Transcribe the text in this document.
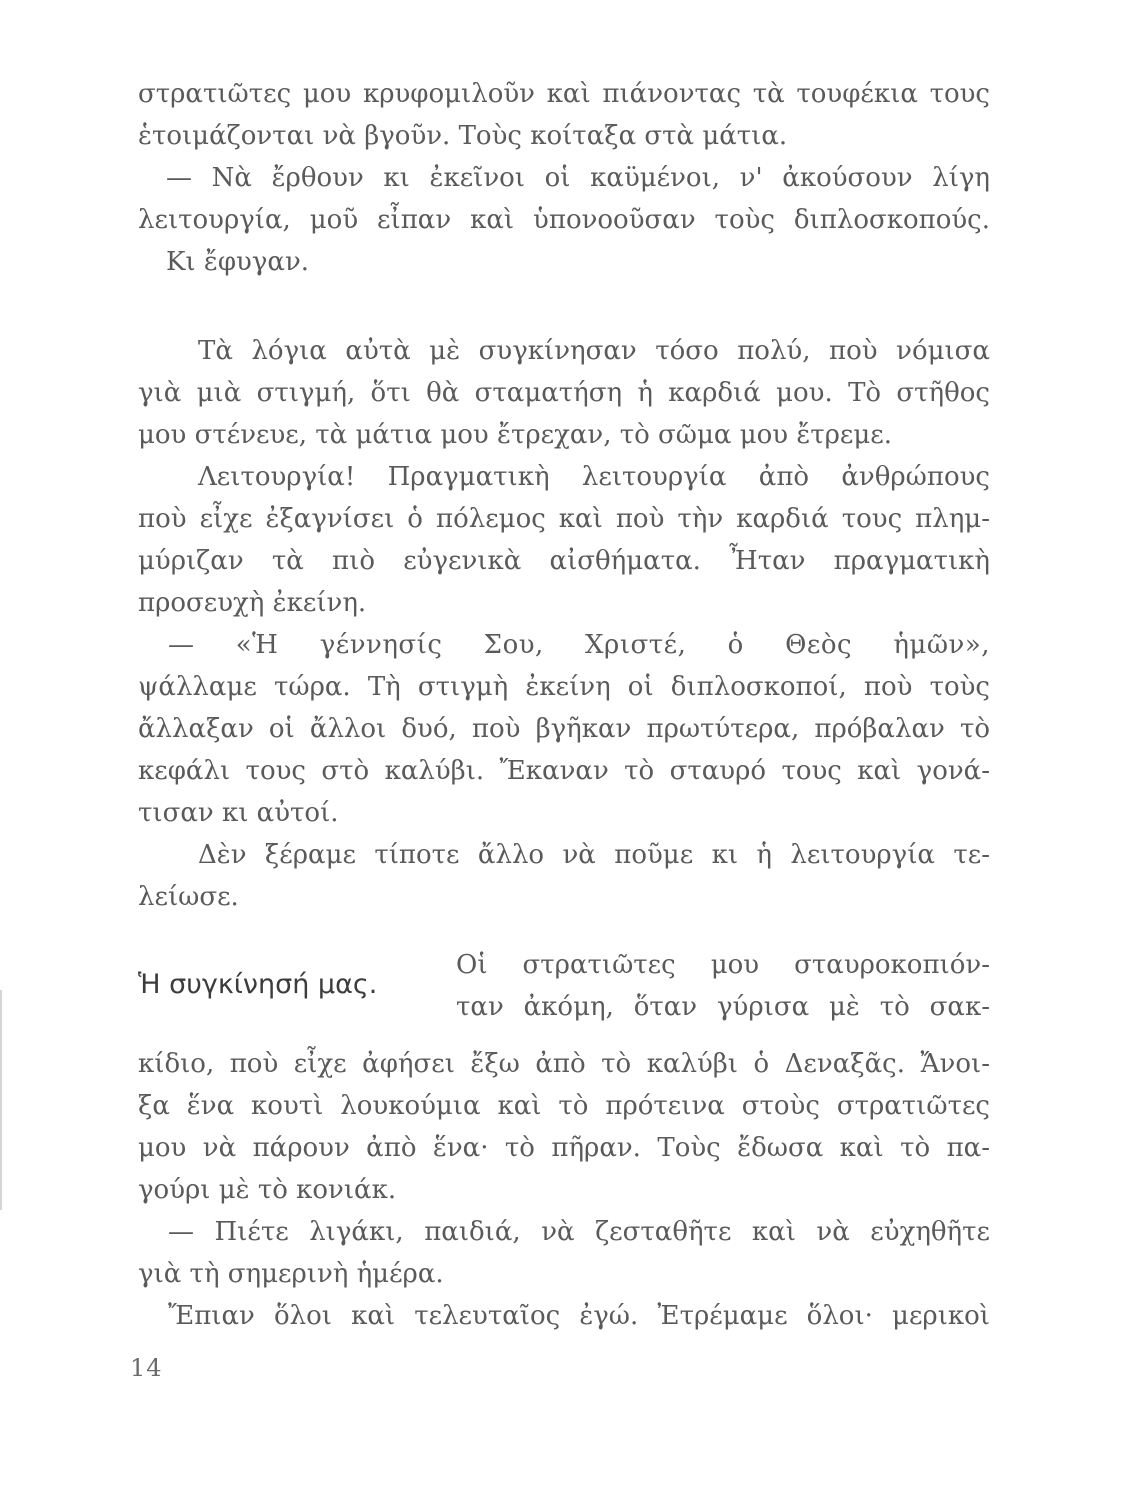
στρατιῶτες μου κρυφομιλοῦν καὶ πιάνοντας τὰ τουφέκια τους
ἑτοιμάζονται νὰ βγοῦν. Τοὺς κοίταξα στὰ μάτια.
— Νὰ ἔρθουν κι ἐκεῖνοι οἱ καϋμένοι, ν' ἀκούσουν λίγη
λειτουργία, μοῦ εἶπαν καὶ ὑπονοοῦσαν τοὺς διπλοσκοπούς.
Κι ἔφυγαν.
Τὰ λόγια αὐτὰ μὲ συγκίνησαν τόσο πολύ, ποὺ νόμισα
γιὰ μιὰ στιγμή, ὅτι θὰ σταματήση ἡ καρδιά μου. Τὸ στῆθος
μου στένευε, τὰ μάτια μου ἔτρεχαν, τὸ σῶμα μου ἔτρεμε.
Λειτουργία! Πραγματικὴ λειτουργία ἀπὸ ἀνθρώπους
ποὺ εἶχε ἐξαγνίσει ὁ πόλεμος καὶ ποὺ τὴν καρδιά τους πλημ-
μύριζαν τὰ πιὸ εὐγενικὰ αἰσθήματα. Ἦταν πραγματικὴ
προσευχὴ ἐκείνη.
— «Ἡ γέννησίς Σου, Χριστέ, ὁ Θεὸς ἡμῶν»,
ψάλλαμε τώρα. Τὴ στιγμὴ ἐκείνη οἱ διπλοσκοποί, ποὺ τοὺς
ἄλλαξαν οἱ ἄλλοι δυό, ποὺ βγῆκαν πρωτύτερα, πρόβαλαν τὸ
κεφάλι τους στὸ καλύβι. Ἔκαναν τὸ σταυρό τους καὶ γονά-
τισαν κι αὐτοί.
Δὲν ξέραμε τίποτε ἄλλο νὰ ποῦμε κι ἡ λειτουργία τε-
λείωσε.
Ἡ συγκίνησή μας.
Οἱ στρατιῶτες μου σταυροκοπιόν-
ταν ἀκόμη, ὅταν γύρισα μὲ τὸ σακ-
κίδιο, ποὺ εἶχε ἀφήσει ἔξω ἀπὸ τὸ καλύβι ὁ Δεναξᾶς. Ἄνοι-
ξα ἕνα κουτὶ λουκούμια καὶ τὸ πρότεινα στοὺς στρατιῶτες
μου νὰ πάρουν ἀπὸ ἕνα· τὸ πῆραν. Τοὺς ἔδωσα καὶ τὸ πα-
γούρι μὲ τὸ κονιάκ.
— Πιέτε λιγάκι, παιδιά, νὰ ζεσταθῆτε καὶ νὰ εὐχηθῆτε
γιὰ τὴ σημερινὴ ἡμέρα.
Ἔπιαν ὅλοι καὶ τελευταῖος ἐγώ. Ἐτρέμαμε ὅλοι· μερικοὶ
14
